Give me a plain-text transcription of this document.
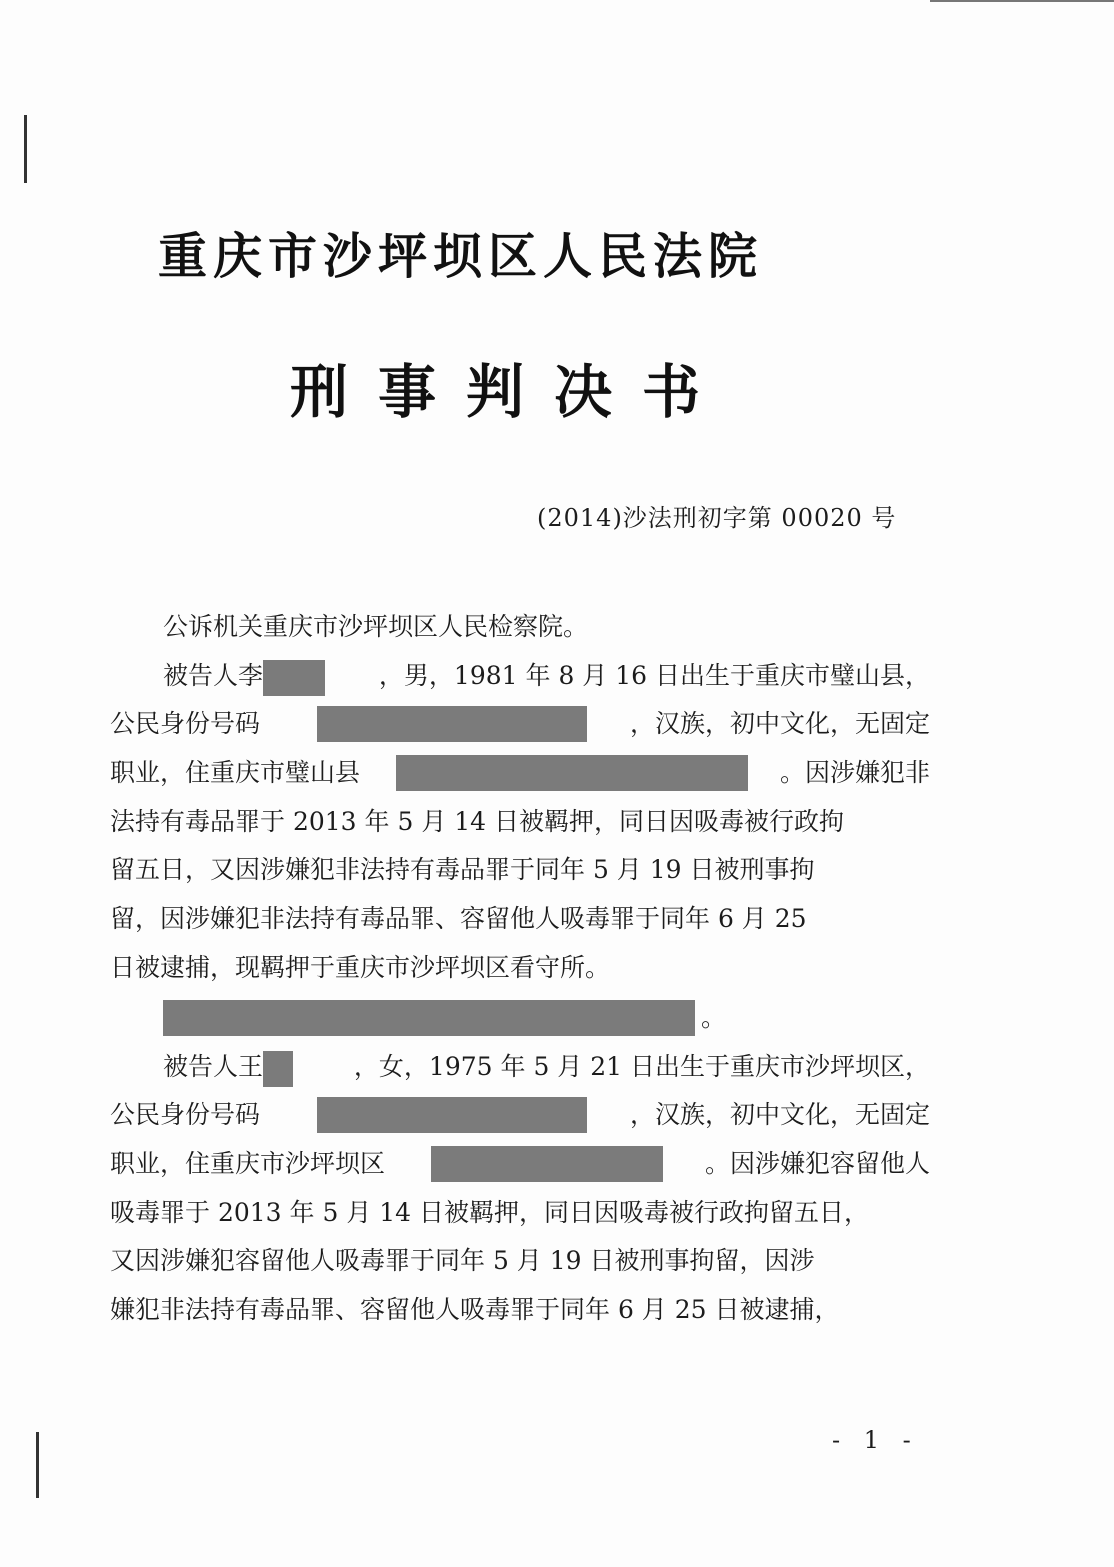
重庆市沙坪坝区人民法院
刑事判决书
(2014)沙法刑初字第 00020 号
公诉机关重庆市沙坪坝区人民检察院。
被告人李	，男，1981 年 8 月 16 日出生于重庆市璧山县，
公民身份号码	，汉族，初中文化，无固定
职业，住重庆市璧山县	。因涉嫌犯非
法持有毒品罪于 2013 年 5 月 14 日被羁押，同日因吸毒被行政拘
留五日，又因涉嫌犯非法持有毒品罪于同年 5 月 19 日被刑事拘
留，因涉嫌犯非法持有毒品罪、容留他人吸毒罪于同年 6 月 25
日被逮捕，现羁押于重庆市沙坪坝区看守所。
。
被告人王	，女，1975 年 5 月 21 日出生于重庆市沙坪坝区，
公民身份号码	，汉族，初中文化，无固定
职业，住重庆市沙坪坝区	。因涉嫌犯容留他人
吸毒罪于 2013 年 5 月 14 日被羁押，同日因吸毒被行政拘留五日，
又因涉嫌犯容留他人吸毒罪于同年 5 月 19 日被刑事拘留，因涉
嫌犯非法持有毒品罪、容留他人吸毒罪于同年 6 月 25 日被逮捕，
- 1 -
